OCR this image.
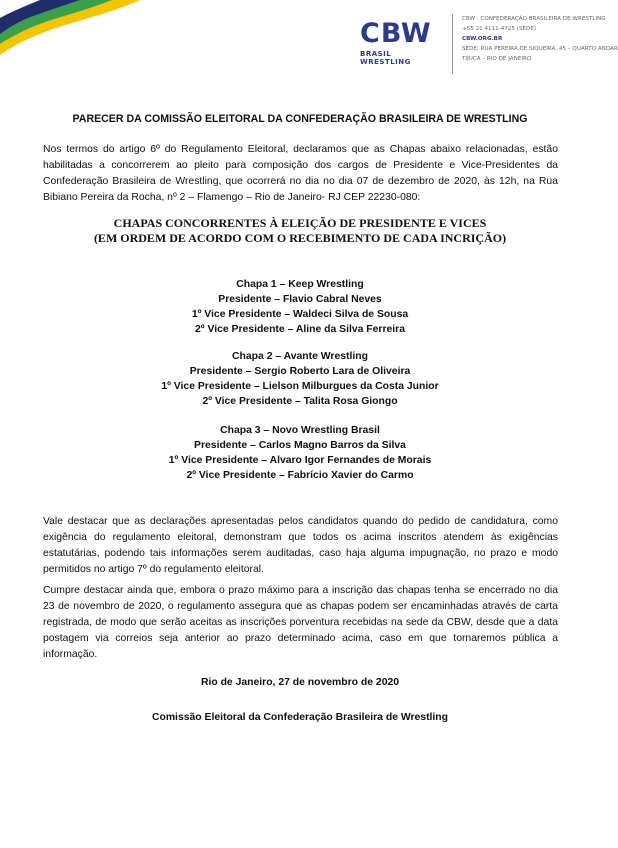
CBW
BRASIL WRESTLING
CBW · CONFEDERAÇÃO BRASILEIRA DE WRESTLING
+55 21 4111-4725 (SEDE)
CBW.ORG.BR
SEDE: RUA PEREIRA DE SIQUEIRA, 45 – QUARTO ANDAR
TIJUCA – RIO DE JANEIRO
PARECER DA COMISSÃO ELEITORAL DA CONFEDERAÇÃO BRASILEIRA DE WRESTLING

Nos termos do artigo 6º do Regulamento Eleitoral, declaramos que as Chapas abaixo relacionadas, estão habilitadas a concorrerem ao pleito para composição dos cargos de Presidente e Vice-Presidentes da Confederação Brasileira de Wrestling, que ocorrerá no dia no dia 07 de dezembro de 2020, às 12h, na Rua Bibiano Pereira da Rocha, nº 2 – Flamengo – Rio de Janeiro- RJ CEP 22230-080:

CHAPAS CONCORRENTES À ELEIÇÃO DE PRESIDENTE E VICES
(EM ORDEM DE ACORDO COM O RECEBIMENTO DE CADA INCRIÇÃO)
Chapa 1 – Keep Wrestling
Presidente – Flavio Cabral Neves
1º Vice Presidente – Waldeci Silva de Sousa
2º Vice Presidente – Aline da Silva Ferreira
Chapa 2 – Avante Wrestling
Presidente – Sergio Roberto Lara de Oliveira
1º Vice Presidente – Lielson Milburgues da Costa Junior
2º Vice Presidente – Talita Rosa Giongo
Chapa 3 – Novo Wrestling Brasil
Presidente – Carlos Magno Barros da Silva
1º Vice Presidente – Alvaro Igor Fernandes de Morais
2º Vice Presidente – Fabrício Xavier do Carmo

Vale destacar que as declarações apresentadas pelos candidatos quando do pedido de candidatura, como exigência do regulamento eleitoral, demonstram que todos os acima inscritos atendem às exigências estatutárias, podendo tais informações serem auditadas, caso haja alguma impugnação, no prazo e modo permitidos no artigo 7º do regulamento eleitoral.

Cumpre destacar ainda que, embora o prazo máximo para a inscrição das chapas tenha se encerrado no dia 23 de novembro de 2020, o regulamento assegura que as chapas podem ser encaminhadas através de carta registrada, de modo que serão aceitas as inscrições porventura recebidas na sede da CBW, desde que a data postagem via correios seja anterior ao prazo determinado acima, caso em que tornaremos pública a informação.

Rio de Janeiro, 27 de novembro de 2020
Comissão Eleitoral da Confederação Brasileira de Wrestling
